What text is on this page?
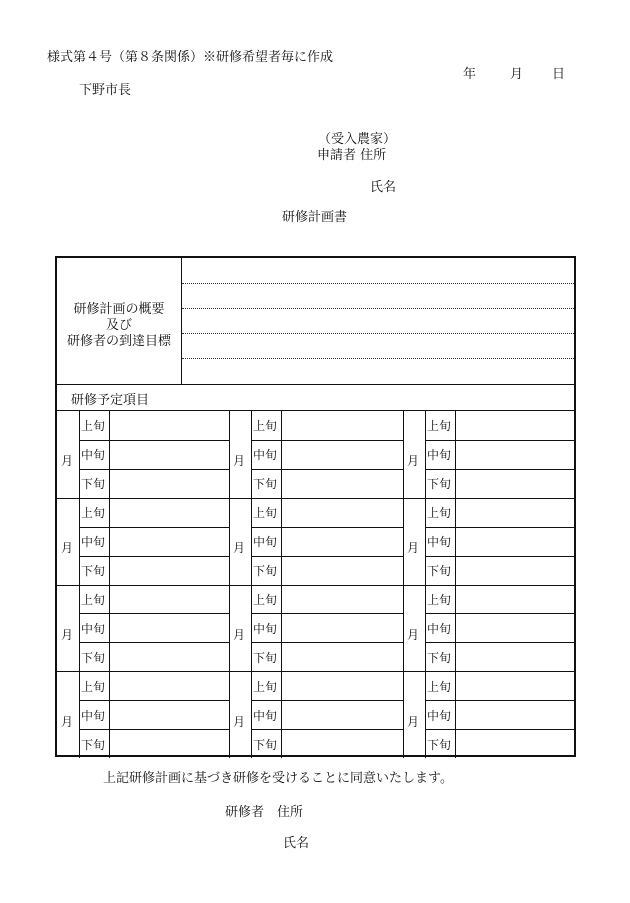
様式第４号（第８条関係）※研修希望者毎に作成
年	月 日
下野市長
（受入農家）
申請者 住所
氏名
研修計画書
研修計画の概要
及び
研修者の到達目標
研修予定項目
月
上旬
中旬
下旬
月
上旬
中旬
下旬
月
上旬
中旬
下旬
月
上旬
中旬
下旬
月
上旬
中旬
下旬
月
上旬
中旬
下旬
月
上旬
中旬
下旬
月
上旬
中旬
下旬
月
上旬
中旬
下旬
月
上旬
中旬
下旬
月
上旬
中旬
下旬
月
上旬
中旬
下旬
上記研修計画に基づき研修を受けることに同意いたします。
研修者　住所
氏名
